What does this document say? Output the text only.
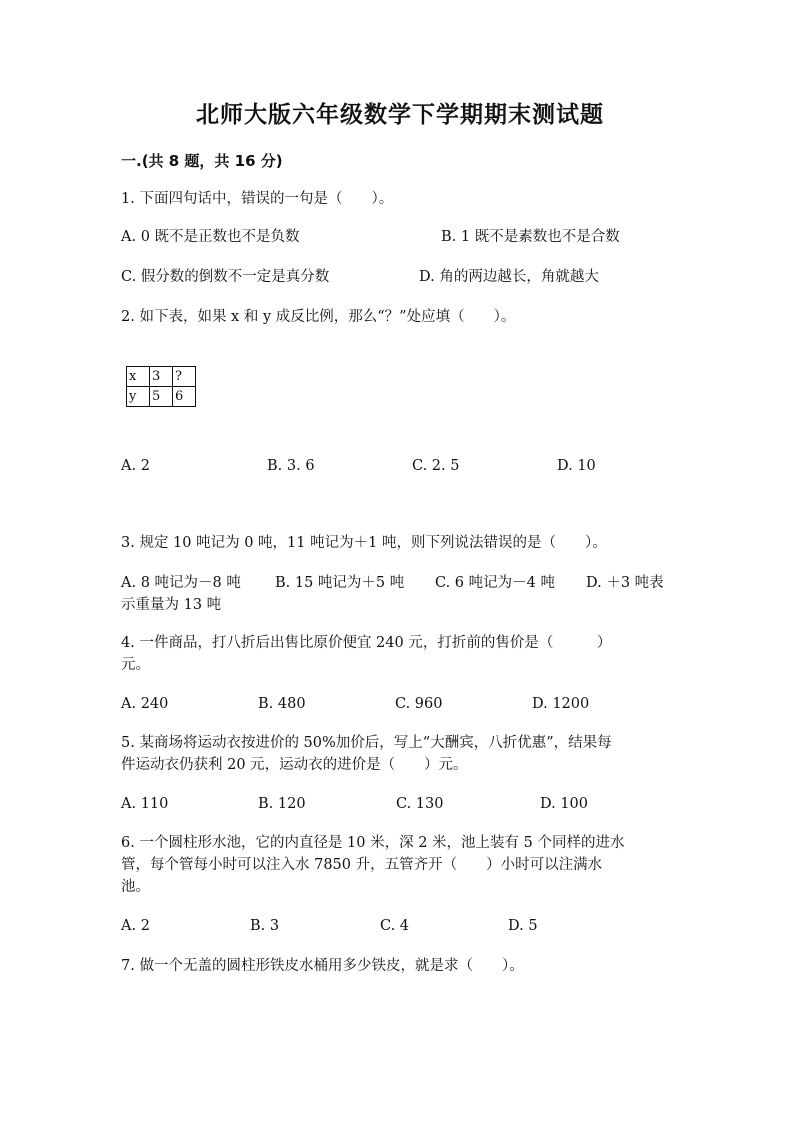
北师大版六年级数学下学期期末测试题
一.(共 8 题，共 16 分)
1. 下面四句话中，错误的一句是（　　）。
A. 0 既不是正数也不是负数	B. 1 既不是素数也不是合数
C. 假分数的倒数不一定是真分数	D. 角的两边越长，角就越大
2. 如下表，如果 x 和 y 成反比例，那么“？”处应填（　　）。
x	3	?
y	5	6
A. 2	B. 3. 6	C. 2. 5	D. 10
3. 规定 10 吨记为 0 吨，11 吨记为＋1 吨，则下列说法错误的是（　　）。
A. 8 吨记为－8 吨 B. 15 吨记为＋5 吨 C. 6 吨记为－4 吨 D. ＋3 吨表
示重量为 13 吨
4. 一件商品，打八折后出售比原价便宜 240 元，打折前的售价是（　　　）
元。
A. 240	B. 480	C. 960	D. 1200
5. 某商场将运动衣按进价的 50%加价后，写上“大酬宾，八折优惠”，结果每
件运动衣仍获利 20 元，运动衣的进价是（　　）元。
A. 110	B. 120	C. 130	D. 100
6. 一个圆柱形水池，它的内直径是 10 米，深 2 米，池上装有 5 个同样的进水
管，每个管每小时可以注入水 7850 升，五管齐开（　　）小时可以注满水
池。
A. 2	B. 3	C. 4	D. 5
7. 做一个无盖的圆柱形铁皮水桶用多少铁皮，就是求（　　）。
